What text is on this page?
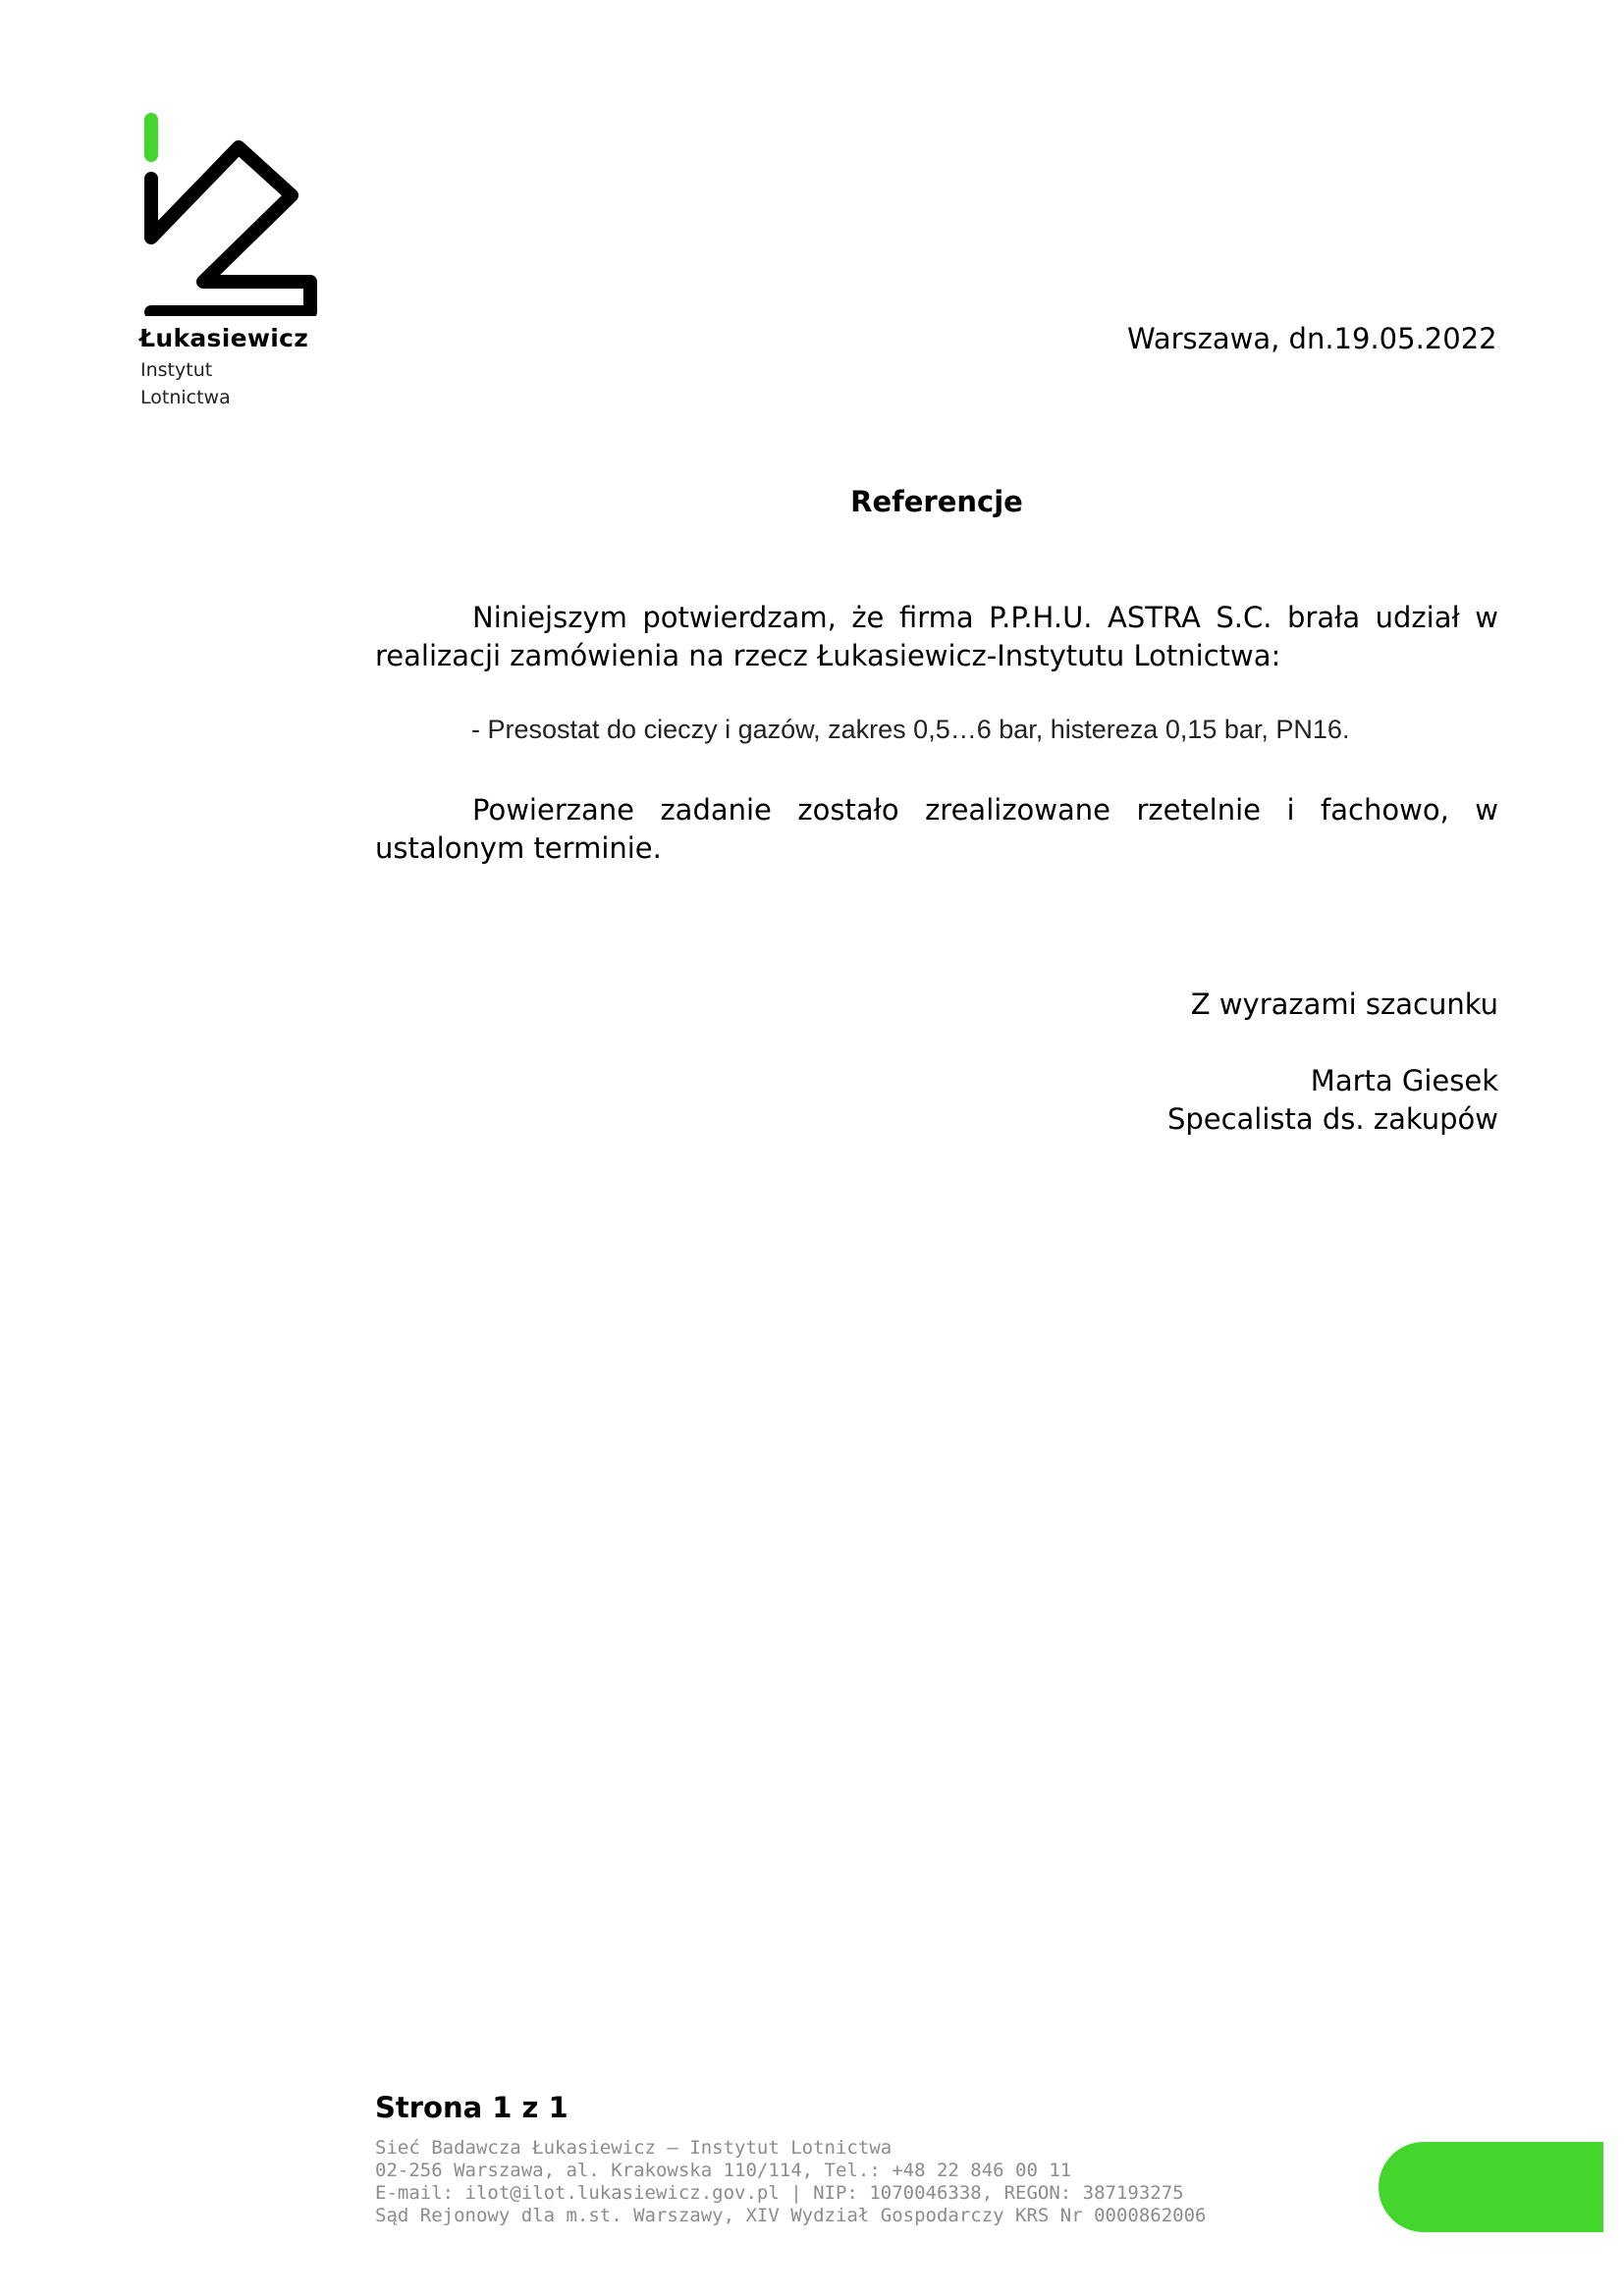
Łukasiewicz
Instytut
Lotnictwa
Warszawa, dn.19.05.2022
Referencje
Niniejszym potwierdzam, że firma P.P.H.U. ASTRA S.C. brała udział w realizacji zamówienia na rzecz Łukasiewicz-Instytutu Lotnictwa:
- Presostat do cieczy i gazów, zakres 0,5…6 bar, histereza 0,15 bar, PN16.
Powierzane zadanie zostało zrealizowane rzetelnie i fachowo, w ustalonym terminie.
Z wyrazami szacunku
Marta Giesek
Specalista ds. zakupów
Strona 1 z 1
Sieć Badawcza Łukasiewicz – Instytut Lotnictwa
02-256 Warszawa, al. Krakowska 110/114, Tel.: +48 22 846 00 11
E-mail: ilot@ilot.lukasiewicz.gov.pl | NIP: 1070046338, REGON: 387193275
Sąd Rejonowy dla m.st. Warszawy, XIV Wydział Gospodarczy KRS Nr 0000862006
